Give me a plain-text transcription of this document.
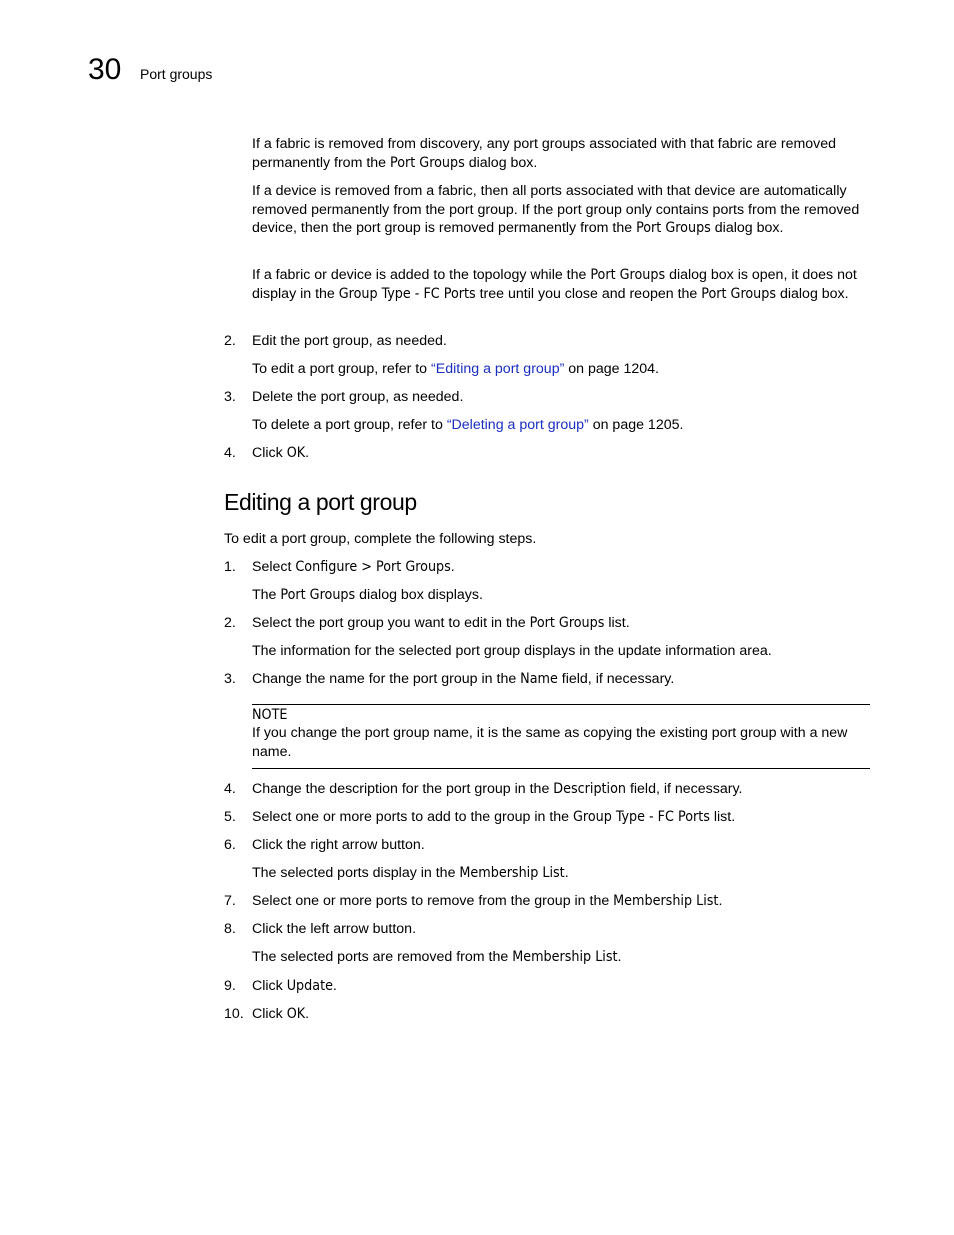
30 Port groups

If a fabric is removed from discovery, any port groups associated with that fabric are removed permanently from the Port Groups dialog box.

If a device is removed from a fabric, then all ports associated with that device are automatically removed permanently from the port group. If the port group only contains ports from the removed device, then the port group is removed permanently from the Port Groups dialog box.

If a fabric or device is added to the topology while the Port Groups dialog box is open, it does not display in the Group Type - FC Ports tree until you close and reopen the Port Groups dialog box.

2. Edit the port group, as needed.

To edit a port group, refer to “Editing a port group” on page 1204.

3. Delete the port group, as needed.

To delete a port group, refer to “Deleting a port group” on page 1205.

4. Click OK.

Editing a port group

To edit a port group, complete the following steps.

1. Select Configure > Port Groups.

The Port Groups dialog box displays.

2. Select the port group you want to edit in the Port Groups list.

The information for the selected port group displays in the update information area.

3. Change the name for the port group in the Name field, if necessary.

NOTE

If you change the port group name, it is the same as copying the existing port group with a new name.

4. Change the description for the port group in the Description field, if necessary.

5. Select one or more ports to add to the group in the Group Type - FC Ports list.

6. Click the right arrow button.

The selected ports display in the Membership List.

7. Select one or more ports to remove from the group in the Membership List.

8. Click the left arrow button.

The selected ports are removed from the Membership List.

9. Click Update.

10. Click OK.
